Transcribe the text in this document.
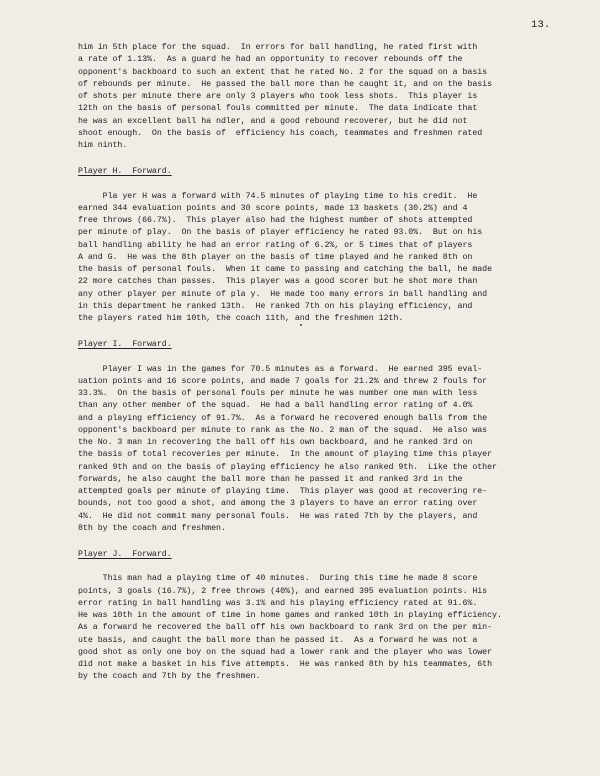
13.

him in 5th place for the squad.  In errors for ball handling, he rated first with
a rate of 1.13%.  As a guard he had an opportunity to recover rebounds off the
opponent's backboard to such an extent that he rated No. 2 for the squad on a basis
of rebounds per minute.  He passed the ball more than he caught it, and on the basis
of shots per minute there are only 3 players who took less shots.  This player is
12th on the basis of personal fouls committed per minute.  The data indicate that
he was an excellent ball ha ndler, and a good rebound recoverer, but he did not
shoot enough.  On the basis of  efficiency his coach, teammates and freshmen rated
him ninth.

Player H.  Forward.

Pla yer H was a forward with 74.5 minutes of playing time to his credit.  He
earned 344 evaluation points and 30 score points, made 13 baskets (30.2%) and 4
free throws (66.7%).  This player also had the highest number of shots attempted
per minute of play.  On the basis of player efficiency he rated 93.0%.  But on his
ball handling ability he had an error rating of 6.2%, or 5 times that of players
A and G.  He was the 8th player on the basis of time played and he ranked 8th on
the basis of personal fouls.  When it came to passing and catching the ball, he made
22 more catches than passes.  This player was a good scorer but he shot more than
any other player per minute of pla y.  He made too many errors in ball handling and
in this department he ranked 13th.  He ranked 7th on his playing efficiency, and
the players rated him 10th, the coach 11th, and the freshmen 12th.

Player I.  Forward.

Player I was in the games for 70.5 minutes as a forward.  He earned 395 eval-
uation points and 16 score points, and made 7 goals for 21.2% and threw 2 fouls for
33.3%.  On the basis of personal fouls per minute he was number one man with less
than any other member of the squad.  He had a ball handling error rating of 4.0%
and a playing efficiency of 91.7%.  As a forward he recovered enough balls from the
opponent's backboard per minute to rank as the No. 2 man of the squad.  He also was
the No. 3 man in recovering the ball off his own backboard, and he ranked 3rd on
the basis of total recoveries per minute.  In the amount of playing time this player
ranked 9th and on the basis of playing efficiency he also ranked 9th.  Like the other
forwards, he also caught the ball more than he passed it and ranked 3rd in the
attempted goals per minute of playing time.  This player was good at recovering re-
bounds, not too good a shot, and among the 3 players to have an error rating over
4%.  He did not commit many personal fouls.  He was rated 7th by the players, and
8th by the coach and freshmen.

Player J.  Forward.

This man had a playing time of 40 minutes.  During this time he made 8 score
points, 3 goals (16.7%), 2 free throws (40%), and earned 395 evaluation points. His
error rating in ball handling was 3.1% and his playing efficiency rated at 91.6%.
He was 10th in the amount of time in home games and ranked 10th in playing efficiency.
As a forward he recovered the ball off his own backboard to rank 3rd on the per min-
ute basis, and caught the ball more than he passed it.  As a forward he was not a
good shot as only one boy on the squad had a lower rank and the player who was lower
did not make a basket in his five attempts.  He was ranked 8th by his teammates, 6th
by the coach and 7th by the freshmen.
